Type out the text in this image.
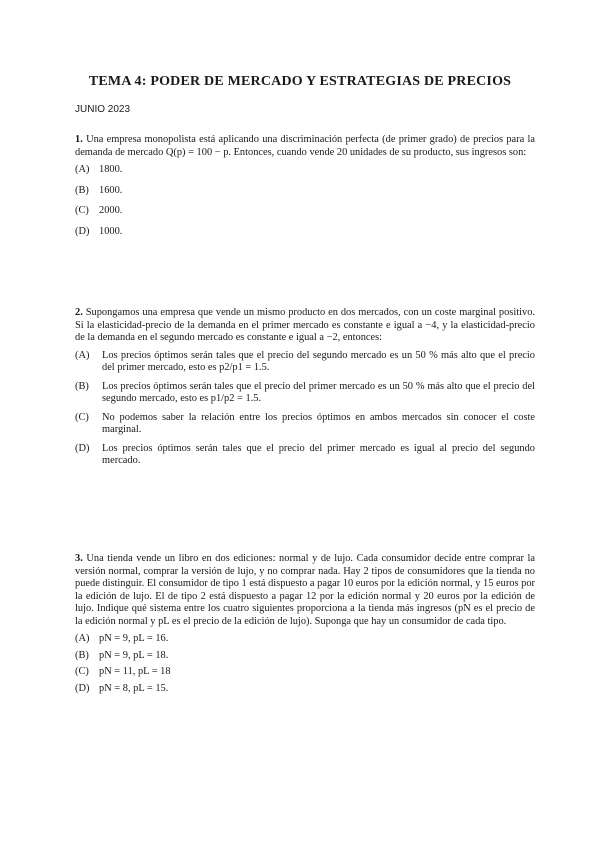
TEMA 4: PODER DE MERCADO Y ESTRATEGIAS DE PRECIOS
JUNIO 2023

1. Una empresa monopolista está aplicando una discriminación perfecta (de primer grado) de precios para la demanda de mercado Q(p) = 100 − p. Entonces, cuando vende 20 unidades de su producto, sus ingresos son:

(A) 1800.
(B) 1600.
(C) 2000.
(D) 1000.

2. Supongamos una empresa que vende un mismo producto en dos mercados, con un coste marginal positivo. Si la elasticidad-precio de la demanda en el primer mercado es constante e igual a −4, y la elasticidad-precio de la demanda en el segundo mercado es constante e igual a −2, entonces:

(A)	Los precios óptimos serán tales que el precio del segundo mercado es un 50 % más alto que el precio del primer mercado, esto es p2/p1 = 1.5.
(B)	Los precios óptimos serán tales que el precio del primer mercado es un 50 % más alto que el precio del segundo mercado, esto es p1/p2 = 1.5.
(C)	No podemos saber la relación entre los precios óptimos en ambos mercados sin conocer el coste marginal.
(D)	Los precios óptimos serán tales que el precio del primer mercado es igual al precio del segundo mercado.

3. Una tienda vende un libro en dos ediciones: normal y de lujo. Cada consumidor decide entre comprar la versión normal, comprar la versión de lujo, y no comprar nada. Hay 2 tipos de consumidores que la tienda no puede distinguir. El consumidor de tipo 1 está dispuesto a pagar 10 euros por la edición normal, y 15 euros por la edición de lujo. El de tipo 2 está dispuesto a pagar 12 por la edición normal y 20 euros por la edición de lujo. Indique qué sistema entre los cuatro siguientes proporciona a la tienda más ingresos (pN es el precio de la edición normal y pL es el precio de la edición de lujo). Suponga que hay un consumidor de cada tipo.

(A) pN = 9, pL = 16.
(B) pN = 9, pL = 18.
(C) pN = 11, pL = 18
(D) pN = 8, pL = 15.
